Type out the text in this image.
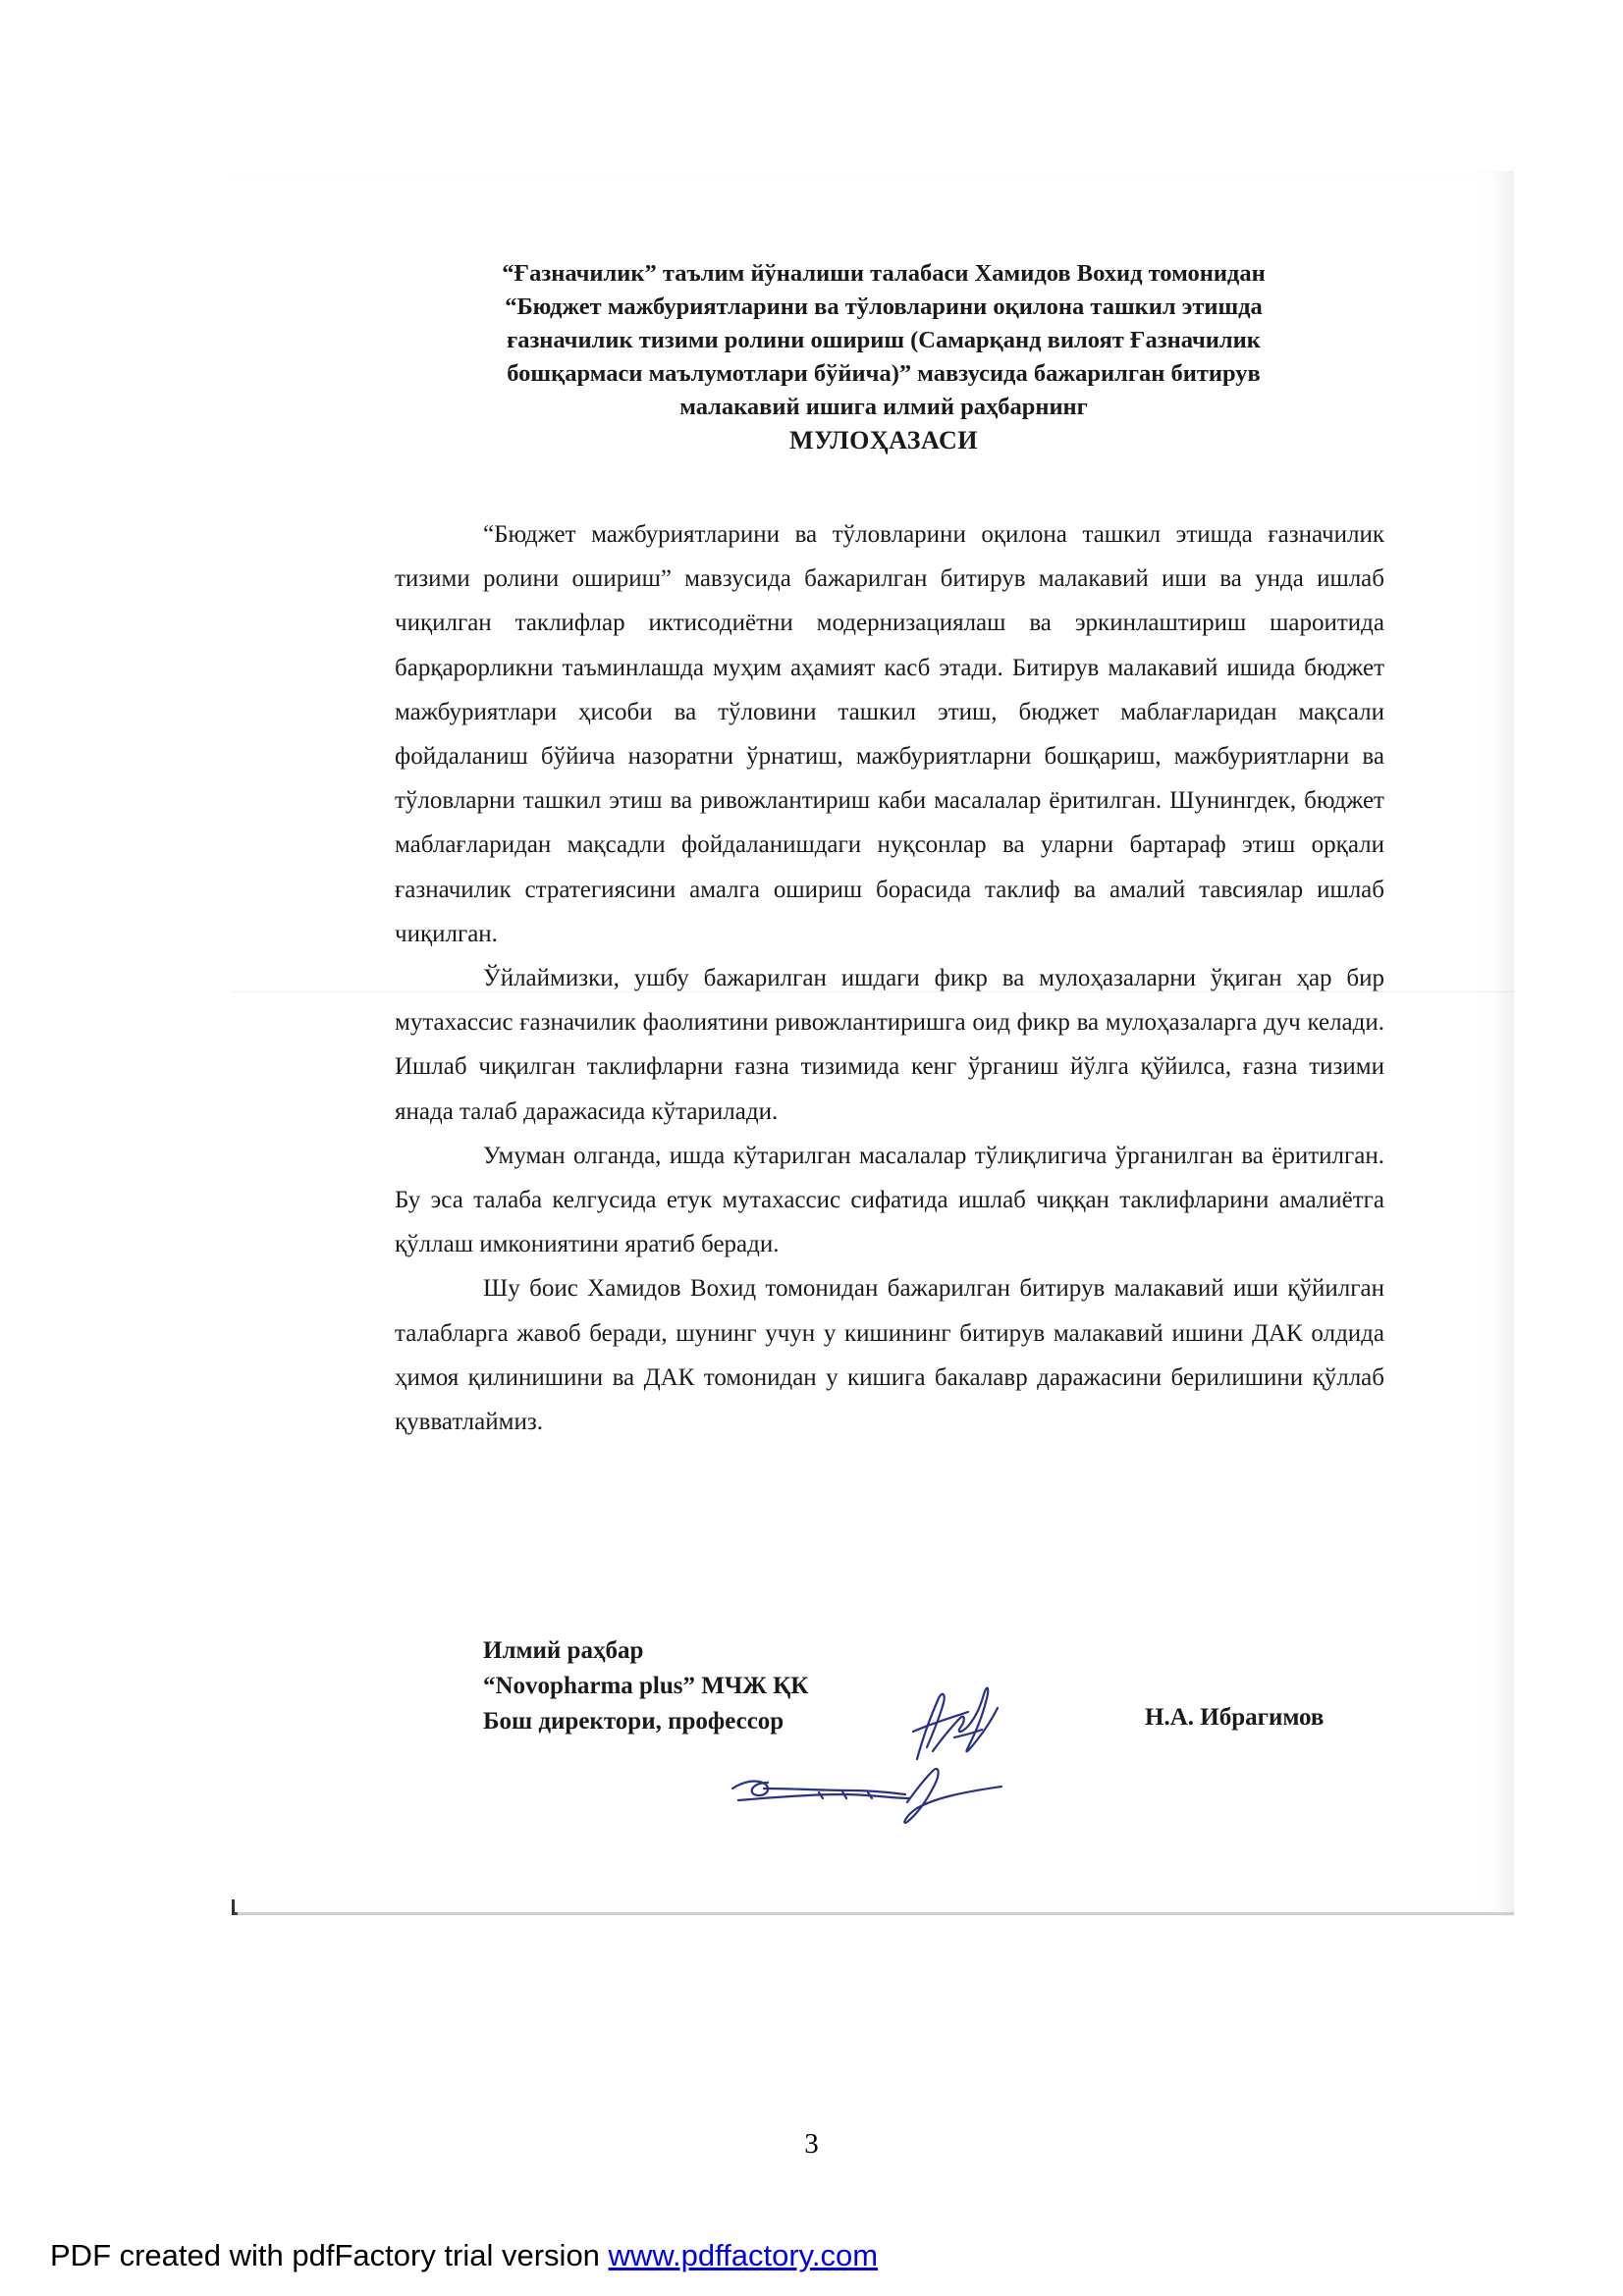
“Ғазначилик” таълим йўналиши талабаси Хамидов Вохид томонидан
“Бюджет мажбуриятларини ва тўловларини оқилона ташкил этишда
ғазначилик тизими ролини ошириш (Самарқанд вилоят Ғазначилик
бошқармаси маълумотлари бўйича)” мавзусида бажарилган битирув
малакавий ишига илмий раҳбарнинг
МУЛОҲАЗАСИ

“Бюджет мажбуриятларини ва тўловларини оқилона ташкил этишда ғазначилик тизими ролини ошириш” мавзусида бажарилган битирув малакавий иши ва унда ишлаб чиқилган таклифлар иктисодиётни модернизациялаш ва эркинлаштириш шароитида барқарорликни таъминлашда муҳим аҳамият касб этади. Битирув малакавий ишида бюджет мажбуриятлари ҳисоби ва тўловини ташкил этиш, бюджет маблағларидан мақсали фойдаланиш бўйича назоратни ўрнатиш, мажбуриятларни бошқариш, мажбуриятларни ва тўловларни ташкил этиш ва ривожлантириш каби масалалар ёритилган. Шунингдек, бюджет маблағларидан мақсадли фойдаланишдаги нуқсонлар ва уларни бартараф этиш орқали ғазначилик стратегиясини амалга ошириш борасида таклиф ва амалий тавсиялар ишлаб чиқилган.

Ўйлаймизки, ушбу бажарилган ишдаги фикр ва мулоҳазаларни ўқиган ҳар бир мутахассис ғазначилик фаолиятини ривожлантиришга оид фикр ва мулоҳазаларга дуч келади. Ишлаб чиқилган таклифларни ғазна тизимида кенг ўрганиш йўлга қўйилса, ғазна тизими янада талаб даражасида кўтарилади.

Умуман олганда, ишда кўтарилган масалалар тўлиқлигича ўрганилган ва ёритилган. Бу эса талаба келгусида етук мутахассис сифатида ишлаб чиққан таклифларини амалиётга қўллаш имкониятини яратиб беради.

Шу боис Хамидов Вохид томонидан бажарилган битирув малакавий иши қўйилган талабларга жавоб беради, шунинг учун у кишининг битирув малакавий ишини ДАК олдида ҳимоя қилинишини ва ДАК томонидан у кишига бакалавр даражасини берилишини қўллаб қувватлаймиз.

Илмий раҳбар
“Novopharma plus” МЧЖ ҚК
Бош директори, профессор	Н.А. Ибрагимов
3
PDF created with pdfFactory trial version www.pdffactory.com
